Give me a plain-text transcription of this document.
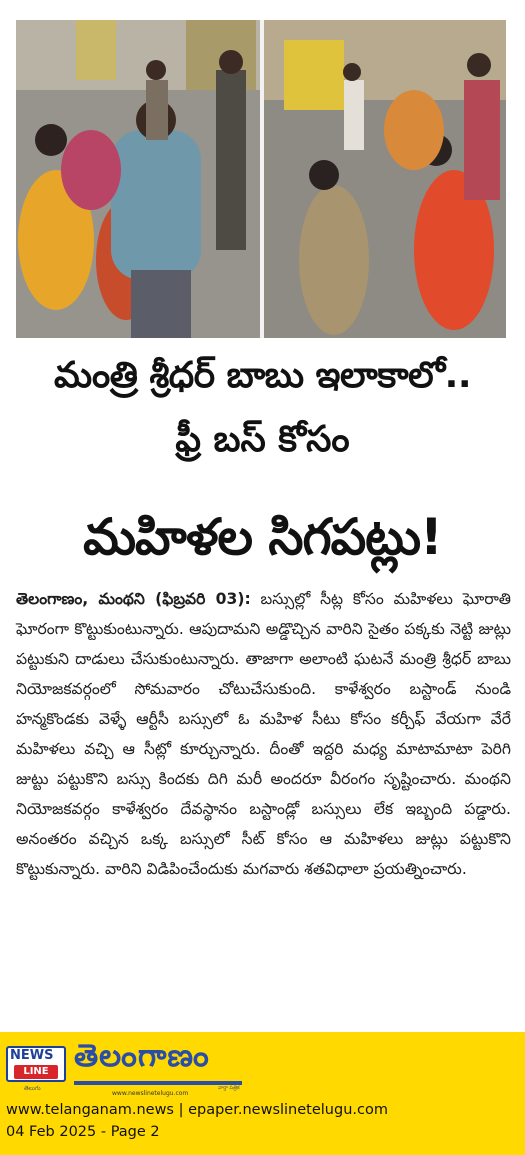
మంత్రి శ్రీధర్ బాబు ఇలాకాలో..
ఫ్రీ బస్ కోసం
మహిళల సిగపట్లు!

తెలంగాణం, మంథని (ఫిబ్రవరి 03): బస్సుల్లో సీట్ల కోసం మహిళలు ఘోరాతి ఘోరంగా కొట్టుకుంటున్నారు. ఆపుదామని అడ్డొచ్చిన వారిని సైతం పక్కకు నెట్టి జుట్లు పట్టుకుని దాడులు చేసుకుంటున్నారు. తాజాగా అలాంటి ఘటనే మంత్రి శ్రీధర్ బాబు నియోజకవర్గంలో సోమవారం చోటుచేసుకుంది. కాళేశ్వరం బస్టాండ్ నుండి హన్మకొండకు వెళ్ళే ఆర్టీసీ బస్సులో ఓ మహిళ సీటు కోసం కర్చీఫ్ వేయగా వేరే మహిళలు వచ్చి ఆ సీట్లో కూర్చున్నారు. దీంతో ఇద్దరి మధ్య మాటామాటా పెరిగి జుట్టు పట్టుకొని బస్సు కిందకు దిగి మరీ అందరూ వీరంగం సృష్టించారు. మంథని నియోజకవర్గం కాళేశ్వరం దేవస్థానం బస్టాండ్లో బస్సులు లేక ఇబ్బంది పడ్డారు. అనంతరం వచ్చిన ఒక్క బస్సులో సీట్ కోసం ఆ మహిళలు జుట్లు పట్టుకొని కొట్టుకున్నారు. వారిని విడిపించేందుకు మగవారు శతవిధాలా ప్రయత్నించారు.

NEWS
LINE
తెలుగు
తెలంగాణం
www.newslinetelugu.com
వార్తా పత్రిక
www.telanganam.news | epaper.newslinetelugu.com
04 Feb 2025 - Page 2
